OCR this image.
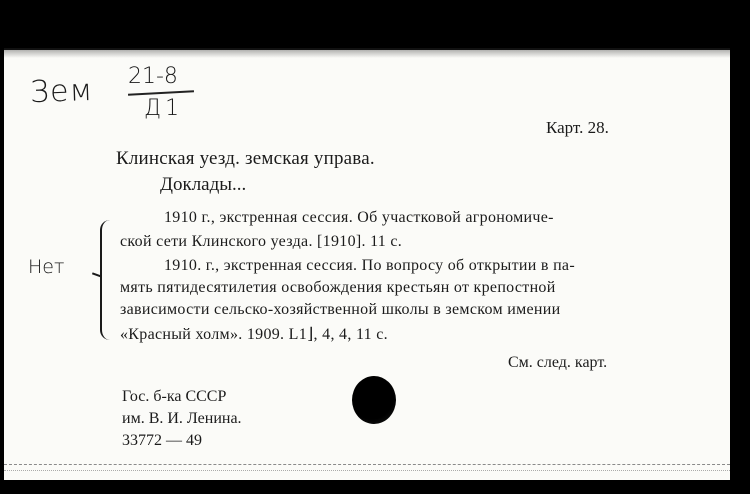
Зем 21-8
Д1
Нет
Карт. 28.
Клинская уезд. земская управа.
Доклады...
1910 г., экстренная сессия. Об участковой агрономиче-
ской сети Клинского уезда. [1910]. 11 с.
1910. г., экстренная сессия. По вопросу об открытии в па-
мять пятидесятилетия освобождения крестьян от крепостной
зависимости сельско-хозяйственной школы в земском имении
«Красный холм». 1909. L1⌋, 4, 4, 11 с.
См. след. карт.
Гос. б-ка СССР
им. В. И. Ленина.
33772 — 49
